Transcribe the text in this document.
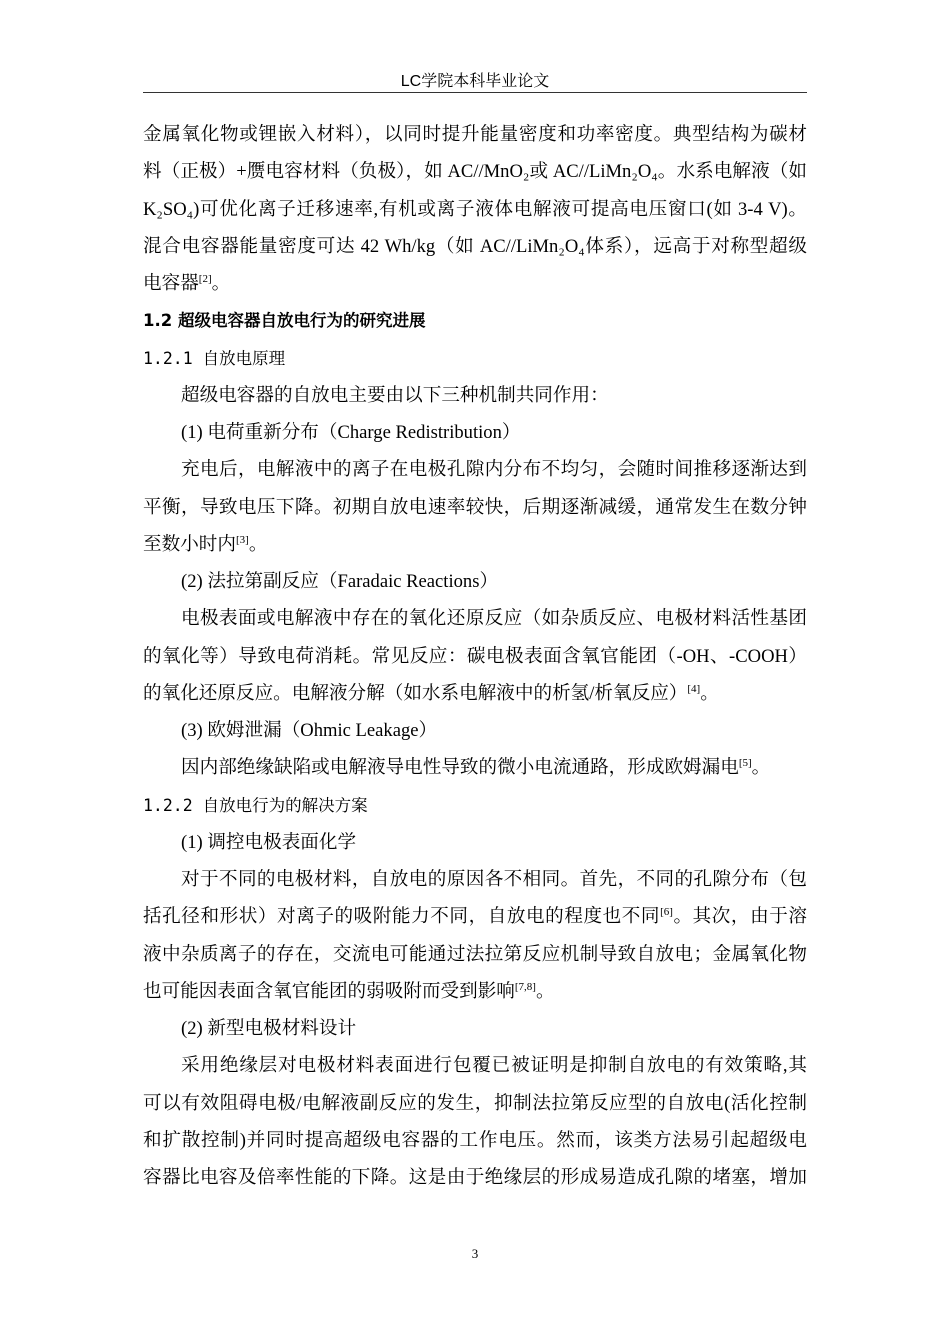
LC学院本科毕业论文
金属氧化物或锂嵌入材料），以同时提升能量密度和功率密度。典型结构为碳材
料（正极）+赝电容材料（负极），如 AC//MnO₂或 AC//LiMn₂O₄。水系电解液（如
K₂SO₄)可优化离子迁移速率,有机或离子液体电解液可提高电压窗口(如 3-4 V)。
混合电容器能量密度可达 42 Wh/kg（如 AC//LiMn₂O₄体系），远高于对称型超级
电容器[2]。
1.2 超级电容器自放电行为的研究进展
1.2.1 自放电原理
超级电容器的自放电主要由以下三种机制共同作用：
(1) 电荷重新分布（Charge Redistribution）
充电后，电解液中的离子在电极孔隙内分布不均匀，会随时间推移逐渐达到
平衡，导致电压下降。初期自放电速率较快，后期逐渐减缓，通常发生在数分钟
至数小时内[3]。
(2) 法拉第副反应（Faradaic Reactions）
电极表面或电解液中存在的氧化还原反应（如杂质反应、电极材料活性基团
的氧化等）导致电荷消耗。常见反应：碳电极表面含氧官能团（-OH、-COOH）
的氧化还原反应。电解液分解（如水系电解液中的析氢/析氧反应）[4]。
(3) 欧姆泄漏（Ohmic Leakage）
因内部绝缘缺陷或电解液导电性导致的微小电流通路，形成欧姆漏电[5]。
1.2.2 自放电行为的解决方案
(1) 调控电极表面化学
对于不同的电极材料，自放电的原因各不相同。首先，不同的孔隙分布（包
括孔径和形状）对离子的吸附能力不同，自放电的程度也不同[6]。其次，由于溶
液中杂质离子的存在，交流电可能通过法拉第反应机制导致自放电；金属氧化物
也可能因表面含氧官能团的弱吸附而受到影响[7,8]。
(2) 新型电极材料设计
采用绝缘层对电极材料表面进行包覆已被证明是抑制自放电的有效策略,其
可以有效阻碍电极/电解液副反应的发生，抑制法拉第反应型的自放电(活化控制
和扩散控制)并同时提高超级电容器的工作电压。然而，该类方法易引起超级电
容器比电容及倍率性能的下降。这是由于绝缘层的形成易造成孔隙的堵塞，增加
3
